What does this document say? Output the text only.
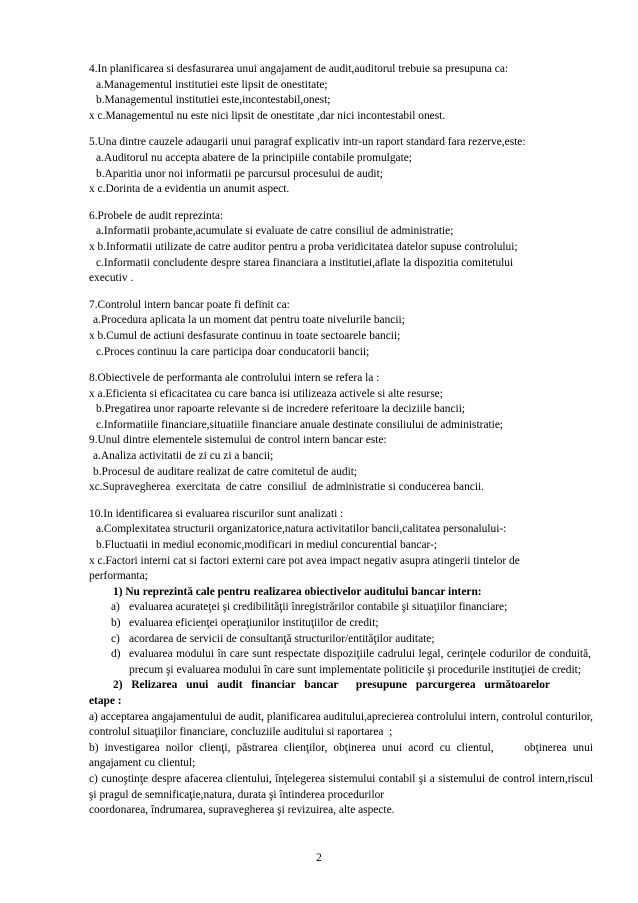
4.In planificarea si desfasurarea unui angajament de audit,auditorul trebuie sa presupuna ca:

a.Managementul institutiei este lipsit de onestitate;

b.Managementul institutiei este,incontestabil,onest;

x c.Managementul nu este nici lipsit de onestitate ,dar nici incontestabil onest.

5.Una dintre cauzele adaugarii unui paragraf explicativ intr-un raport standard fara rezerve,este:

a.Auditorul nu accepta abatere de la principiile contabile promulgate;

b.Aparitia unor noi informatii pe parcursul procesului de audit;

x c.Dorinta de a evidentia un anumit aspect.

6.Probele de audit reprezinta:

a.Informatii probante,acumulate si evaluate de catre consiliul de administratie;

x b.Informatii utilizate de catre auditor pentru a proba veridicitatea datelor supuse controlului;

c.Informatii concludente despre starea financiara a institutiei,aflate la dispozitia comitetului

executiv .

7.Controlul intern bancar poate fi definit ca:

a.Procedura aplicata la un moment dat pentru toate nivelurile bancii;

x b.Cumul de actiuni desfasurate continuu in toate sectoarele bancii;

c.Proces continuu la care participa doar conducatorii bancii;

8.Obiectivele de performanta ale controlului intern se refera la :

x a.Eficienta si eficacitatea cu care banca isi utilizeaza activele si alte resurse;

b.Pregatirea unor rapoarte relevante si de incredere referitoare la deciziile bancii;

c.Informatiile financiare,situatiile financiare anuale destinate consiliului de administratie;

9.Unul dintre elementele sistemului de control intern bancar este:

a.Analiza activitatii de zi cu zi a bancii;

b.Procesul de auditare realizat de catre comitetul de audit;

xc.Supravegherea  exercitata  de catre  consiliul  de administratie si conducerea bancii.

10.In identificarea si evaluarea riscurilor sunt analizati :

a.Complexitatea structurii organizatorice,natura activitatilor bancii,calitatea personalului-:

b.Fluctuatii in mediul economic,modificari in mediul concurential bancar-;

x c.Factori interni cat si factori externi care pot avea impact negativ asupra atingerii tintelor de

performanta;

1) Nu reprezintă cale pentru realizarea obiectivelor auditului bancar intern:

a) evaluarea acurateţei şi credibilităţii înregistrărilor contabile şi situaţiilor financiare;
b) evaluarea eficienţei operaţiunilor instituţiilor de credit;
c) acordarea de servicii de consultanţă structurilor/entităţilor auditate;
d) evaluarea modului în care sunt respectate dispoziţiile cadrului legal, cerinţele codurilor de conduită, precum şi evaluarea modului în care sunt implementate politicile şi procedurile instituţiei de credit;

2) Relizarea unui audit financiar bancar  presupune parcurgerea următoarelor

etape :

a) acceptarea angajamentului de audit, planificarea auditului,aprecierea controlului intern, controlul conturilor, controlul situaţiilor financiare, concluziile auditului si raportarea  ;

b) investigarea noilor clienţi, păstrarea clienţilor, obţinerea unui acord cu clientul,     obţinerea unui angajament cu clientul;

c) cunoştinţe despre afacerea clientului, înţelegerea sistemului contabil şi a sistemului de control intern,riscul şi pragul de semnificaţie,natura, durata şi întinderea procedurilor

coordonarea, îndrumarea, supravegherea şi revizuirea, alte aspecte.

2
